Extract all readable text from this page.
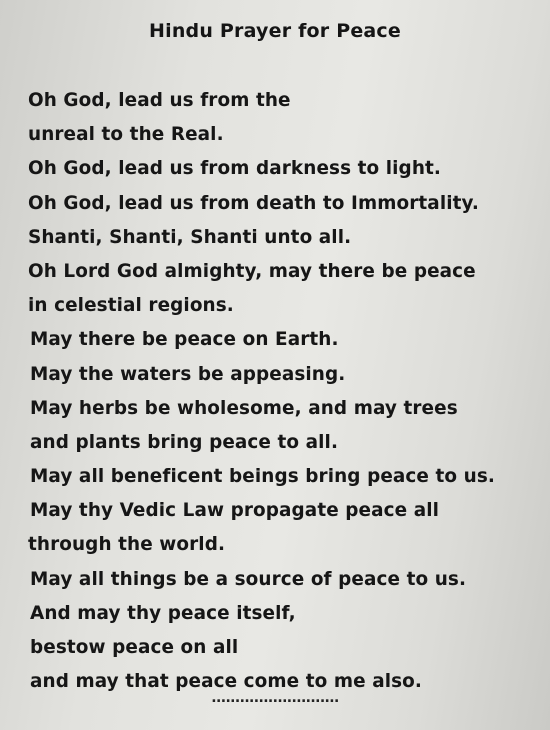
Hindu Prayer for Peace
Oh God, lead us from the
unreal to the Real.
Oh God, lead us from darkness to light.
Oh God, lead us from death to Immortality.
Shanti, Shanti, Shanti unto all.
Oh Lord God almighty, may there be peace
in celestial regions.
May there be peace on Earth.
May the waters be appeasing.
May herbs be wholesome, and may trees
and plants bring peace to all.
May all beneficent beings bring peace to us.
May thy Vedic Law propagate peace all
through the world.
May all things be a source of peace to us.
And may thy peace itself,
bestow peace on all
and may that peace come to me also.
...........................
